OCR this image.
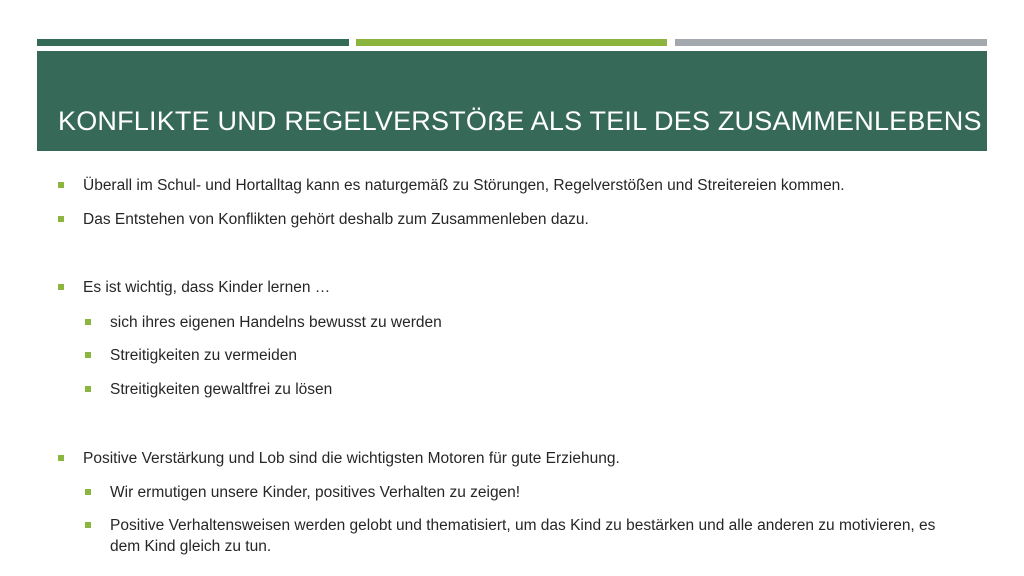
KONFLIKTE UND REGELVERSTÖẞE ALS TEIL DES ZUSAMMENLEBENS
Überall im Schul- und Hortalltag kann es naturgemäß zu Störungen, Regelverstößen und Streitereien kommen.
Das Entstehen von Konflikten gehört deshalb zum Zusammenleben dazu.
Es ist wichtig, dass Kinder lernen …
sich ihres eigenen Handelns bewusst zu werden
Streitigkeiten zu vermeiden
Streitigkeiten gewaltfrei zu lösen
Positive Verstärkung und Lob sind die wichtigsten Motoren für gute Erziehung.
Wir ermutigen unsere Kinder, positives Verhalten zu zeigen!
Positive Verhaltensweisen werden gelobt und thematisiert, um das Kind zu bestärken und alle anderen zu motivieren, es dem Kind gleich zu tun.
